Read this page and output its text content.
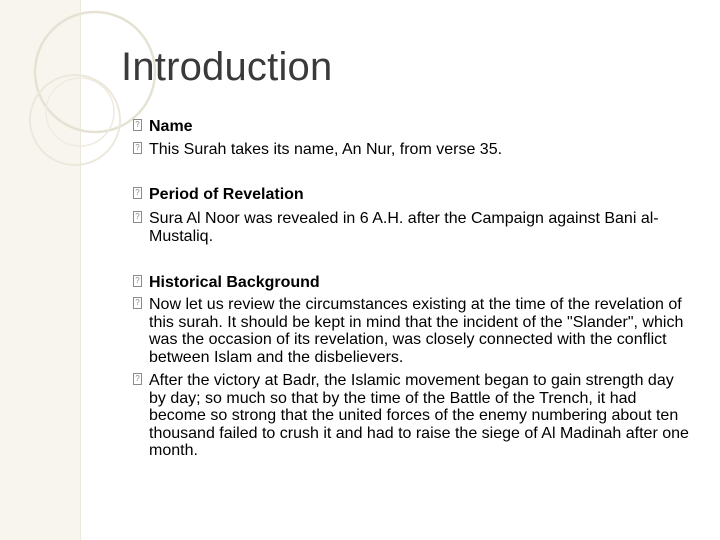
Introduction
? Name
? This Surah takes its name, An Nur, from verse 35.
? Period of Revelation
? Sura Al Noor was revealed in 6 A.H. after the Campaign against Bani al-Mustaliq.
? Historical Background
? Now let us review the circumstances existing at the time of the revelation of this surah. It should be kept in mind that the incident of the "Slander", which was the occasion of its revelation, was closely connected with the conflict between Islam and the disbelievers.
? After the victory at Badr, the Islamic movement began to gain strength day by day; so much so that by the time of the Battle of the Trench, it had become so strong that the united forces of the enemy numbering about ten thousand failed to crush it and had to raise the siege of Al Madinah after one month.
